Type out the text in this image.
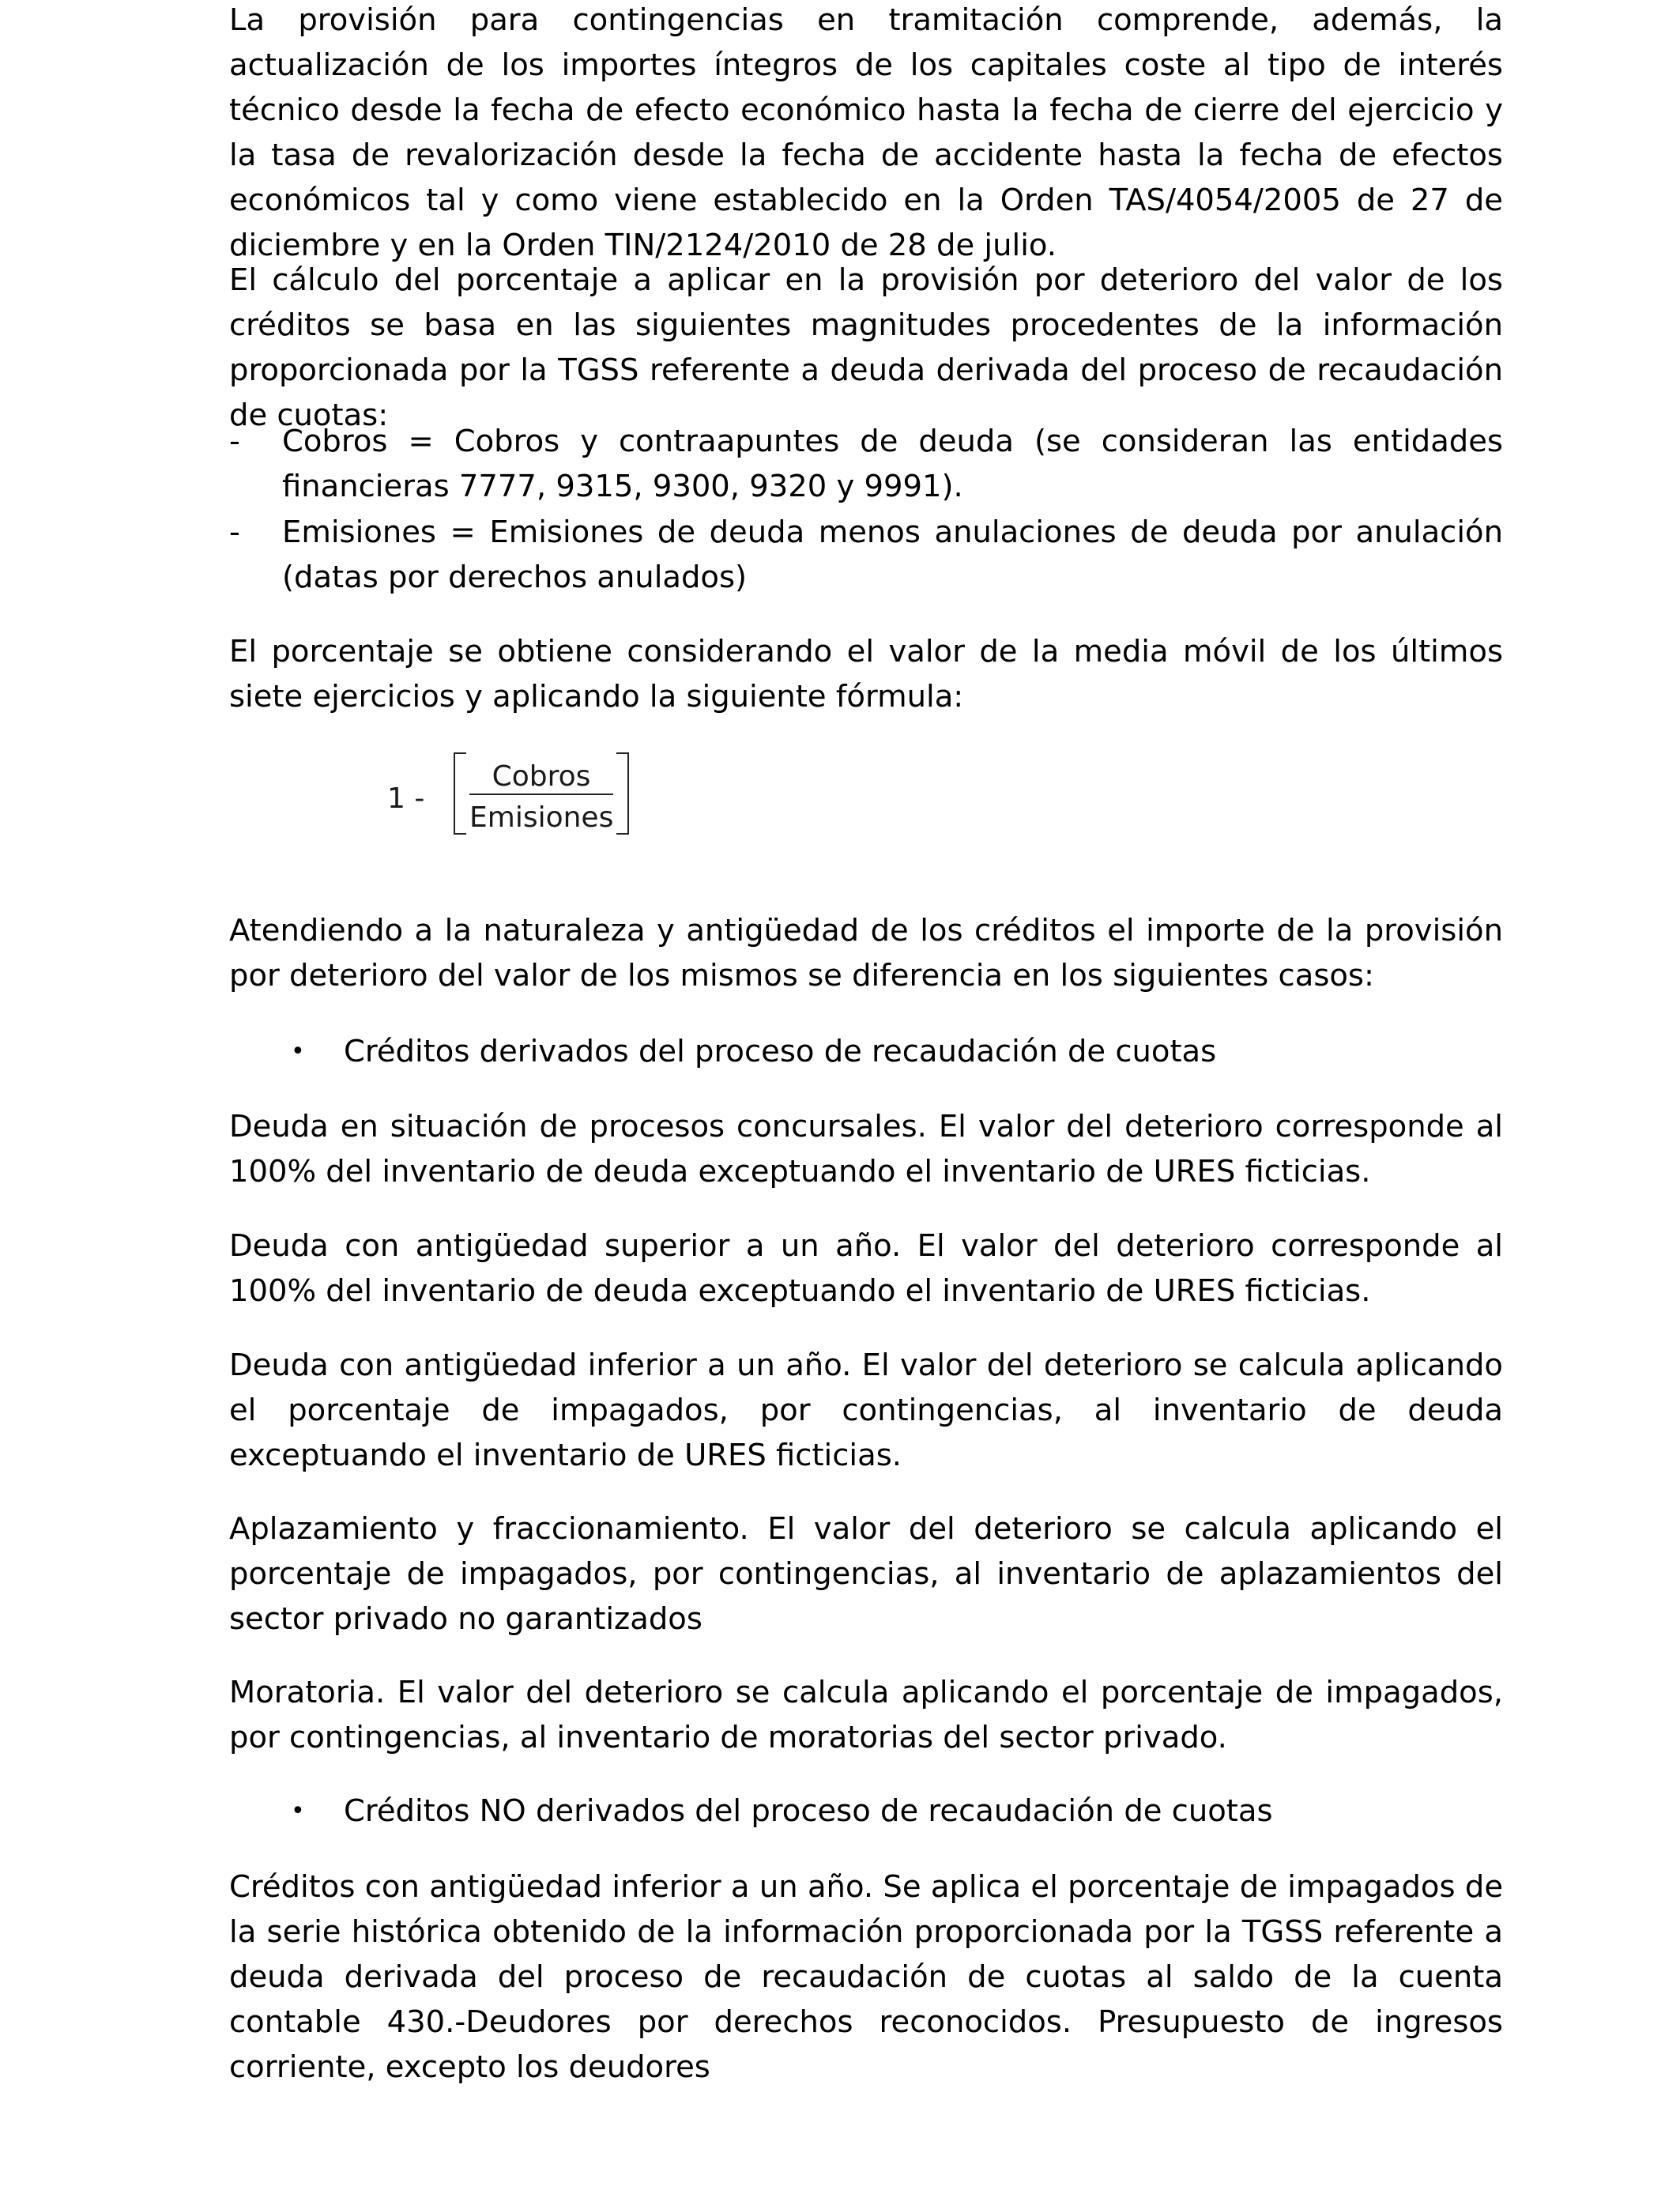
La provisión para contingencias en tramitación comprende, además, la actualización de los importes íntegros de los capitales coste al tipo de interés técnico desde la fecha de efecto económico hasta la fecha de cierre del ejercicio y la tasa de revalorización desde la fecha de accidente hasta la fecha de efectos económicos tal y como viene establecido en la Orden TAS/4054/2005 de 27 de diciembre y en la Orden TIN/2124/2010 de 28 de julio.

El cálculo del porcentaje a aplicar en la provisión por deterioro del valor de los créditos se basa en las siguientes magnitudes procedentes de la información proporcionada por la TGSS referente a deuda derivada del proceso de recaudación de cuotas:

- Cobros = Cobros y contraapuntes de deuda (se consideran las entidades financieras 7777, 9315, 9300, 9320 y 9991).

- Emisiones = Emisiones de deuda menos anulaciones de deuda por anulación (datas por derechos anulados)

El porcentaje se obtiene considerando el valor de la media móvil de los últimos siete ejercicios y aplicando la siguiente fórmula:

1 -
Cobros
Emisiones

Atendiendo a la naturaleza y antigüedad de los créditos el importe de la provisión por deterioro del valor de los mismos se diferencia en los siguientes casos:

• Créditos derivados del proceso de recaudación de cuotas

Deuda en situación de procesos concursales. El valor del deterioro corresponde al 100% del inventario de deuda exceptuando el inventario de URES ficticias.

Deuda con antigüedad superior a un año. El valor del deterioro corresponde al 100% del inventario de deuda exceptuando el inventario de URES ficticias.

Deuda con antigüedad inferior a un año. El valor del deterioro se calcula aplicando el porcentaje de impagados, por contingencias, al inventario de deuda exceptuando el inventario de URES ficticias.

Aplazamiento y fraccionamiento. El valor del deterioro se calcula aplicando el porcentaje de impagados, por contingencias, al inventario de aplazamientos del sector privado no garantizados

Moratoria. El valor del deterioro se calcula aplicando el porcentaje de impagados, por contingencias, al inventario de moratorias del sector privado.

• Créditos NO derivados del proceso de recaudación de cuotas

Créditos con antigüedad inferior a un año. Se aplica el porcentaje de impagados de la serie histórica obtenido de la información proporcionada por la TGSS referente a deuda derivada del proceso de recaudación de cuotas al saldo de la cuenta contable 430.-Deudores por derechos reconocidos. Presupuesto de ingresos corriente, excepto los deudores
